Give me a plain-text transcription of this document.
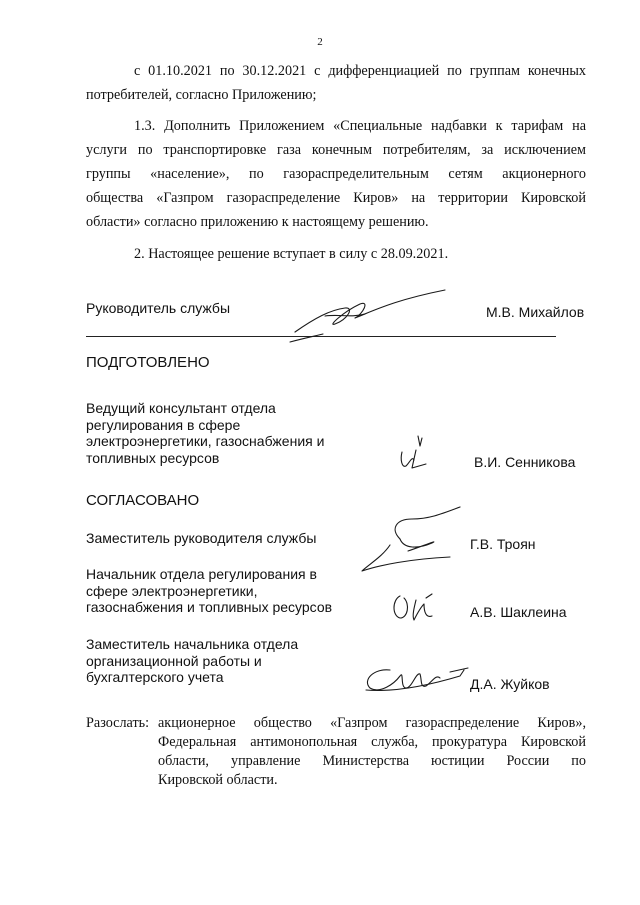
2
с 01.10.2021 по 30.12.2021 с дифференциацией по группам конечных
потребителей, согласно Приложению;
1.3. Дополнить Приложением «Специальные надбавки к тарифам на
услуги по транспортировке газа конечным потребителям, за исключением
группы «население», по газораспределительным сетям акционерного
общества «Газпром газораспределение Киров» на территории Кировской
области» согласно приложению к настоящему решению.
2. Настоящее решение вступает в силу с 28.09.2021.
Руководитель службы	М.В. Михайлов
ПОДГОТОВЛЕНО
Ведущий консультант отдела
регулирования в сфере
электроэнергетики, газоснабжения и
топливных ресурсов	В.И. Сенникова
СОГЛАСОВАНО
Заместитель руководителя службы	Г.В. Троян
Начальник отдела регулирования в
сфере электроэнергетики,
газоснабжения и топливных ресурсов	А.В. Шаклеина
Заместитель начальника отдела
организационной работы и
бухгалтерского учета	Д.А. Жуйков
Разослать: акционерное общество «Газпром газораспределение Киров»,
Федеральная антимонопольная служба, прокуратура Кировской
области, управление Министерства юстиции России по
Кировской области.
